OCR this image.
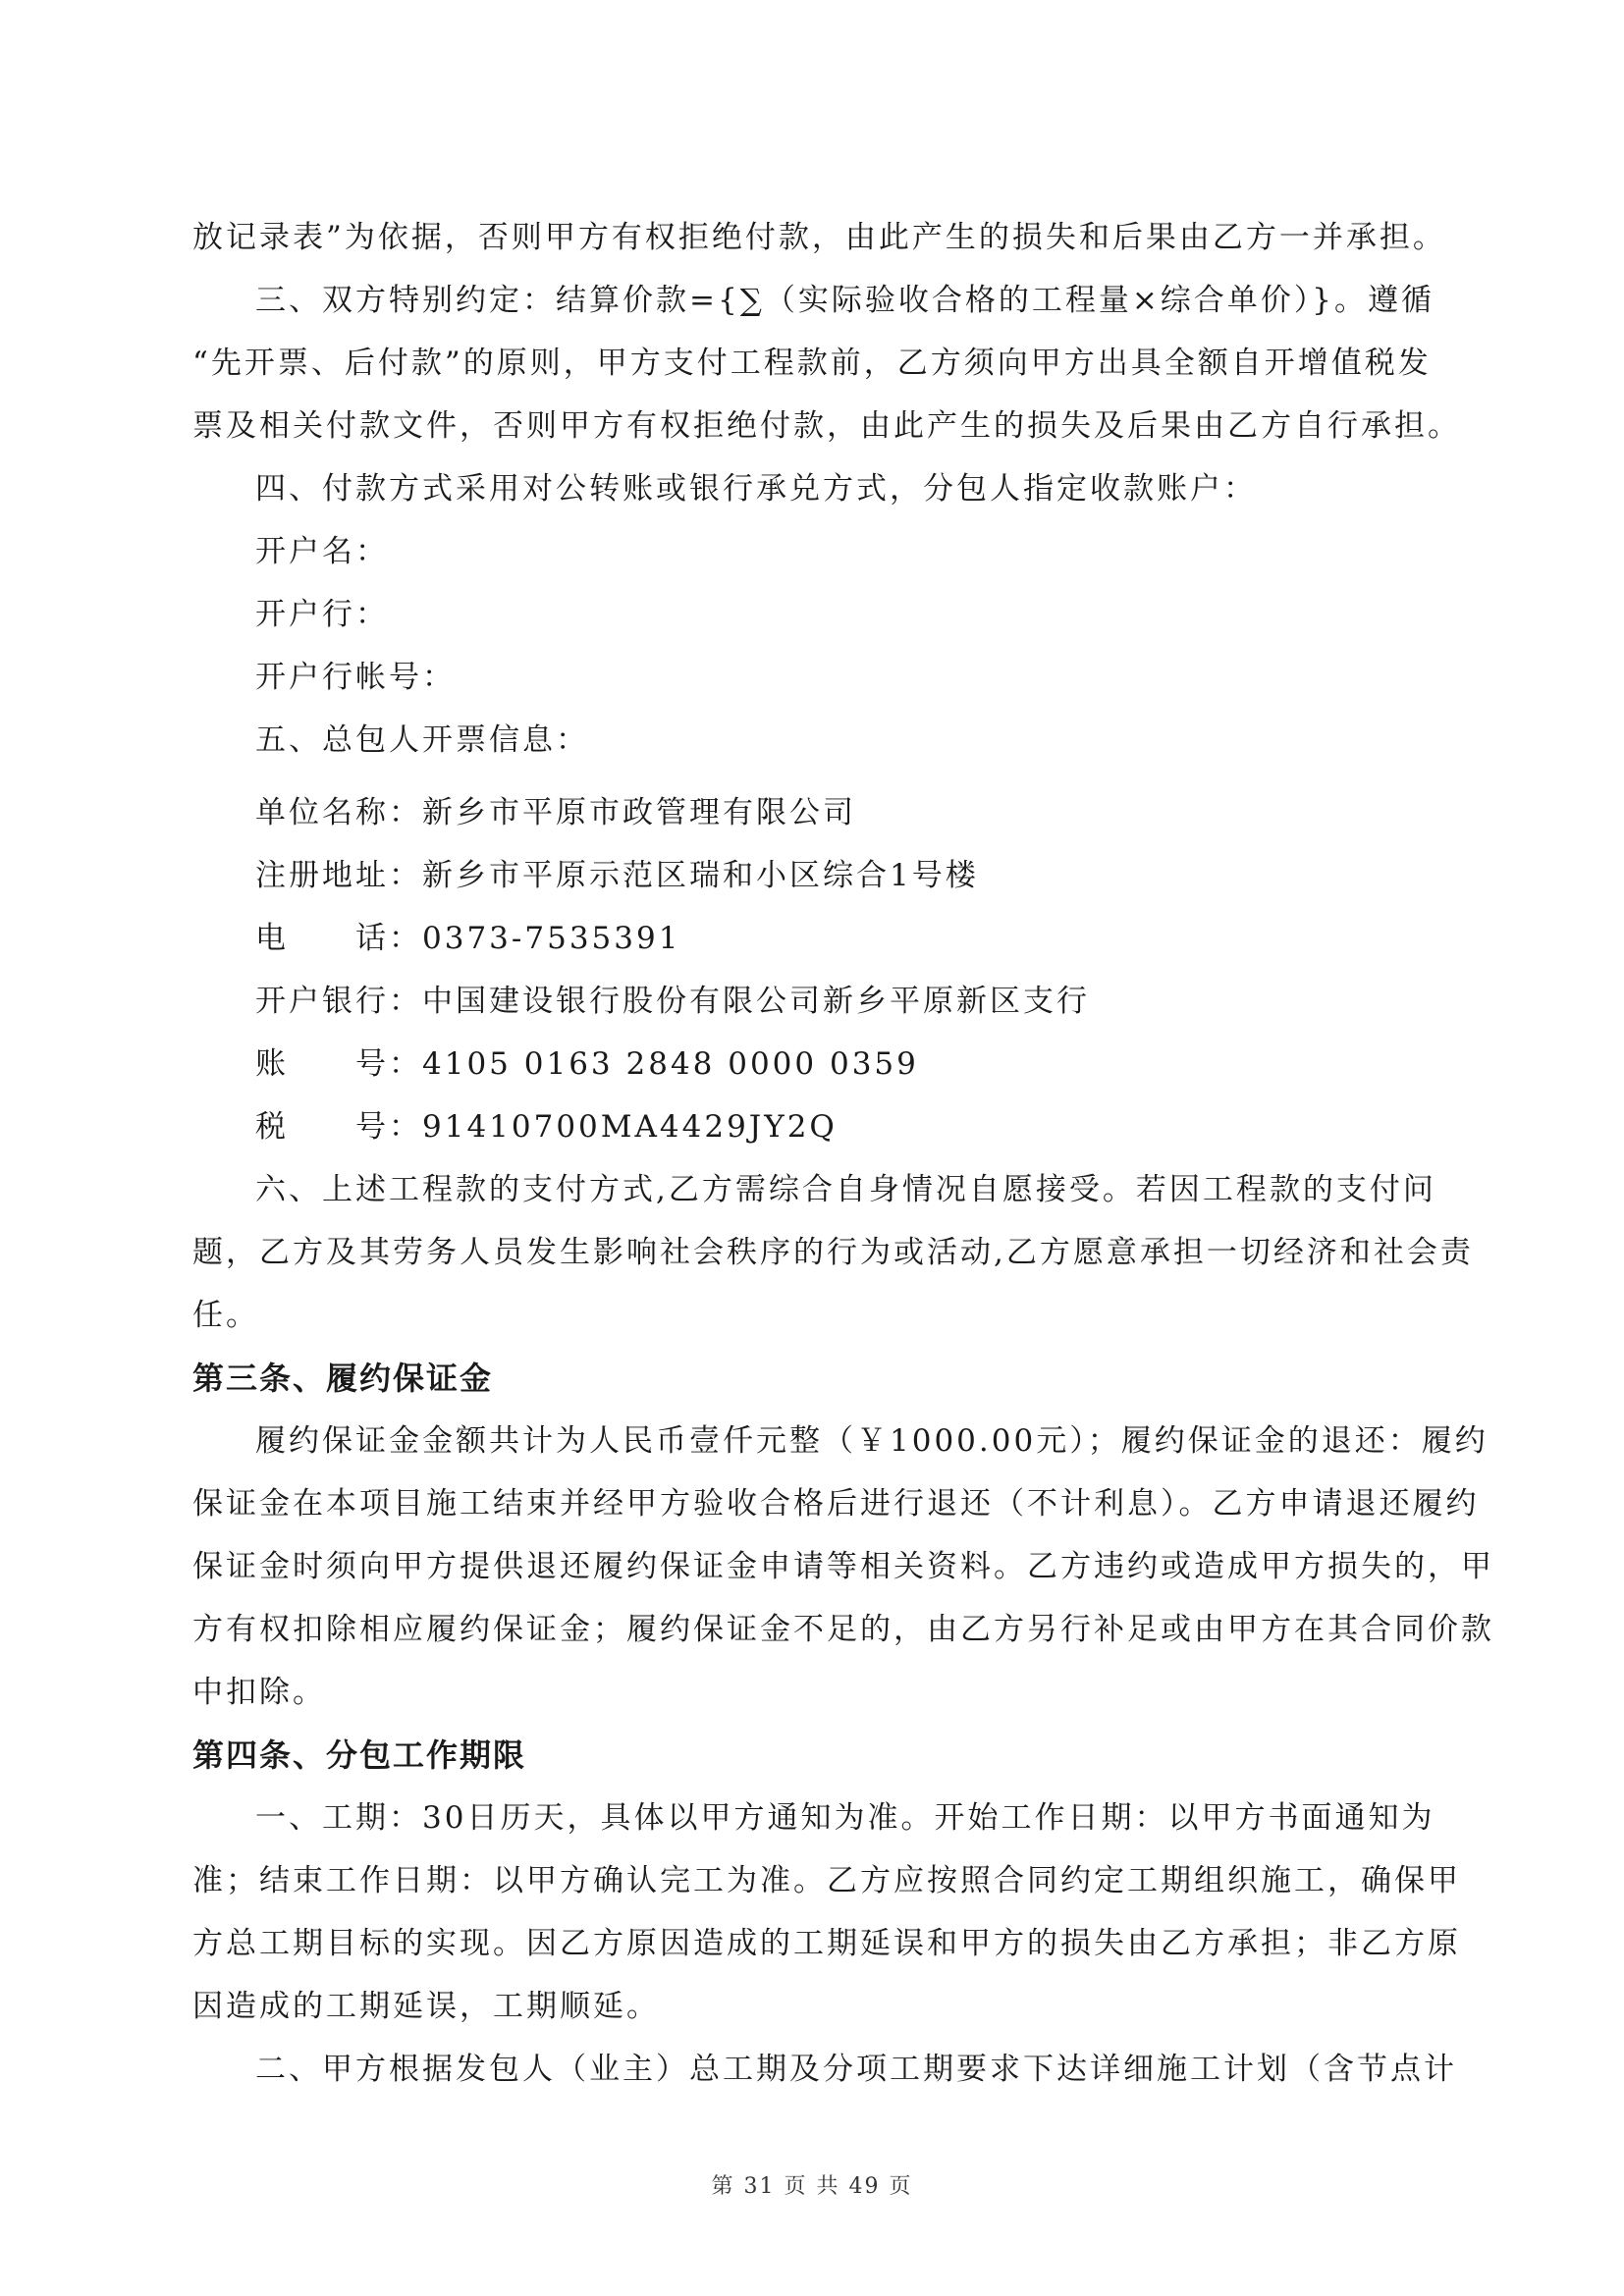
放记录表”为依据，否则甲方有权拒绝付款，由此产生的损失和后果由乙方一并承担。
三、双方特别约定：结算价款={∑（实际验收合格的工程量×综合单价）}。遵循
“先开票、后付款”的原则，甲方支付工程款前，乙方须向甲方出具全额自开增值税发
票及相关付款文件，否则甲方有权拒绝付款，由此产生的损失及后果由乙方自行承担。
四、付款方式采用对公转账或银行承兑方式，分包人指定收款账户：
开户名：
开户行：
开户行帐号：
五、总包人开票信息：
单位名称：新乡市平原市政管理有限公司
注册地址：新乡市平原示范区瑞和小区综合1号楼
电　　话：0373-7535391
开户银行：中国建设银行股份有限公司新乡平原新区支行
账　　号：4105 0163 2848 0000 0359
税　　号：91410700MA4429JY2Q
六、上述工程款的支付方式,乙方需综合自身情况自愿接受。若因工程款的支付问
题，乙方及其劳务人员发生影响社会秩序的行为或活动,乙方愿意承担一切经济和社会责
任。
第三条、履约保证金
履约保证金金额共计为人民币壹仟元整（￥1000.00元）；履约保证金的退还：履约
保证金在本项目施工结束并经甲方验收合格后进行退还（不计利息）。乙方申请退还履约
保证金时须向甲方提供退还履约保证金申请等相关资料。乙方违约或造成甲方损失的，甲
方有权扣除相应履约保证金；履约保证金不足的，由乙方另行补足或由甲方在其合同价款
中扣除。
第四条、分包工作期限
一、工期：30日历天，具体以甲方通知为准。开始工作日期：以甲方书面通知为
准；结束工作日期：以甲方确认完工为准。乙方应按照合同约定工期组织施工，确保甲
方总工期目标的实现。因乙方原因造成的工期延误和甲方的损失由乙方承担；非乙方原
因造成的工期延误，工期顺延。
二、甲方根据发包人（业主）总工期及分项工期要求下达详细施工计划（含节点计
第 31 页 共 49 页
